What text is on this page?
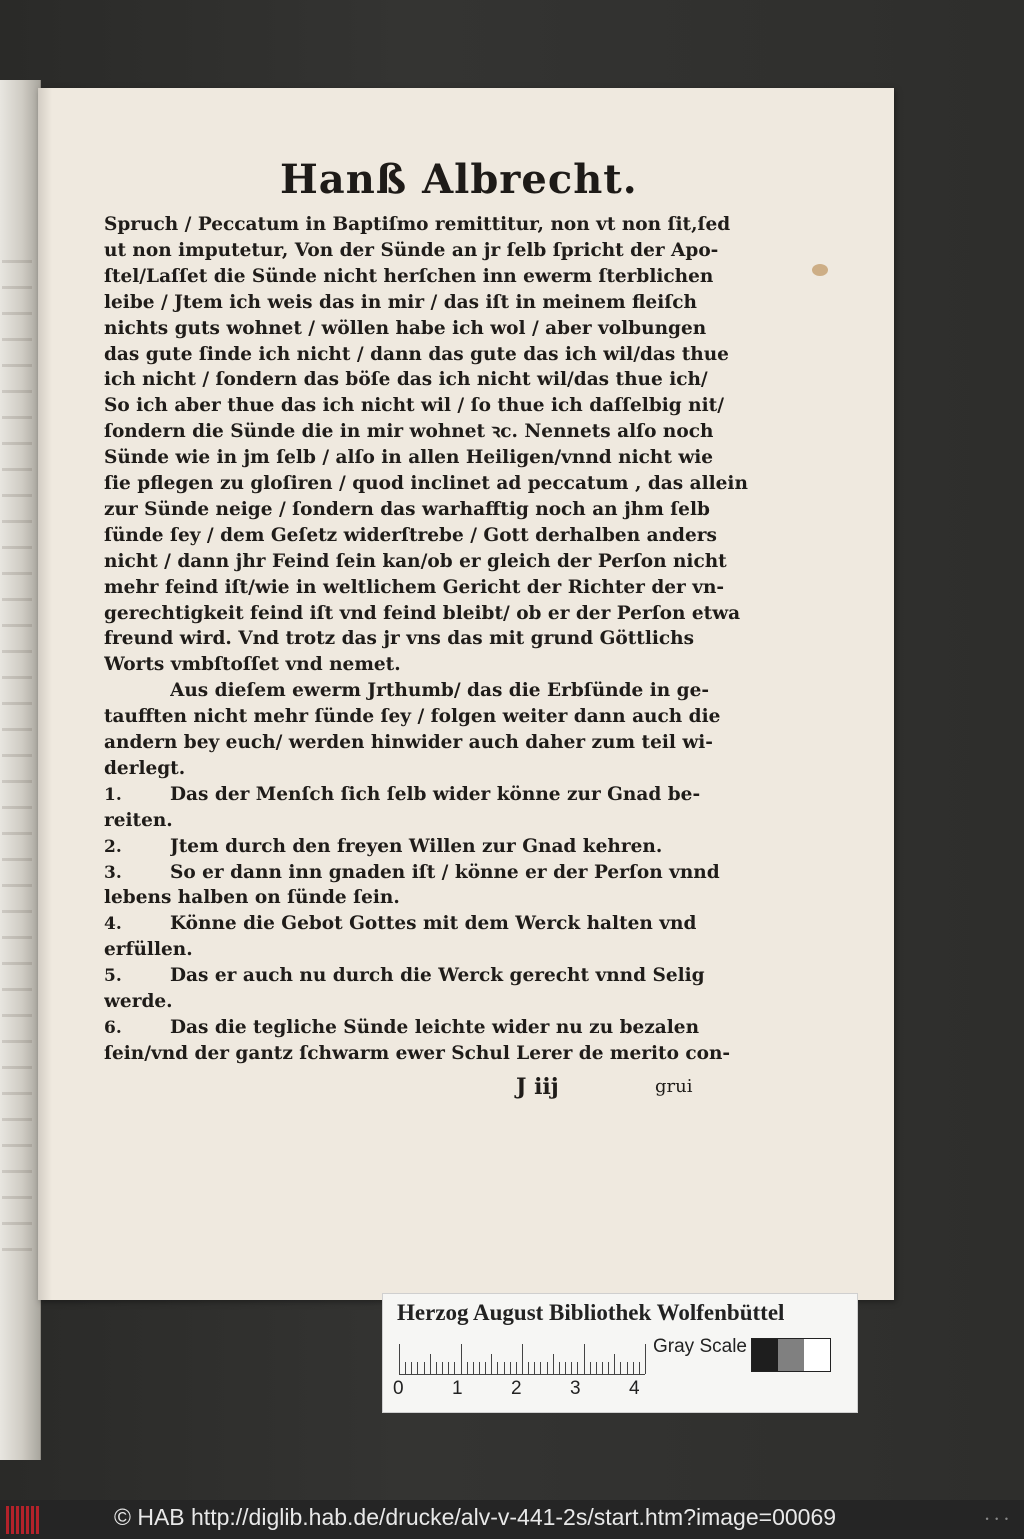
Hanß Albrecht.
Spruch / Peccatum in Baptiſmo remittitur, non vt non ſit,ſed
ut non imputetur, Von der Sünde an jr ſelb ſpricht der Apo-
ſtel/Laſſet die Sünde nicht herſchen inn ewerm ſterblichen
leibe / Jtem ich weis das in mir / das iſt in meinem fleiſch
nichts guts wohnet / wöllen habe ich wol / aber volbungen
das gute ſinde ich nicht / dann das gute das ich wil/das thue
ich nicht / ſondern das böſe das ich nicht wil/das thue ich/
So ich aber thue das ich nicht wil / ſo thue ich daſſelbig nit/
ſondern die Sünde die in mir wohnet ꝛc. Nennets alſo noch
Sünde wie in jm ſelb / alſo in allen Heiligen/vnnd nicht wie
ſie pflegen zu gloſiren / quod inclinet ad peccatum , das allein
zur Sünde neige / ſondern das warhafftig noch an jhm ſelb
ſünde ſey / dem Geſetz widerſtrebe / Gott derhalben anders
nicht / dann jhr Feind ſein kan/ob er gleich der Perſon nicht
mehr feind iſt/wie in weltlichem Gericht der Richter der vn-
gerechtigkeit feind iſt vnd feind bleibt/ ob er der Perſon etwa
freund wird. Vnd trotz das jr vns das mit grund Göttlichs
Worts vmbſtoſſet vnd nemet.
Aus dieſem ewerm Jrthumb/ das die Erbſünde in ge-
taufften nicht mehr ſünde ſey / folgen weiter dann auch die
andern bey euch/ werden hinwider auch daher zum teil wi-
derlegt.
1.	Das der Menſch ſich ſelb wider könne zur Gnad be-
reiten.
2.	Jtem durch den freyen Willen zur Gnad kehren.
3.	So er dann inn gnaden iſt / könne er der Perſon vnnd
lebens halben on ſünde ſein.
4.	Könne die Gebot Gottes mit dem Werck halten vnd
erfüllen.
5.	Das er auch nu durch die Werck gerecht vnnd Selig
werde.
6.	Das die tegliche Sünde leichte wider nu zu bezalen
ſein/vnd der gantz ſchwarm ewer Schul Lerer de merito con-
J iij	grui
Herzog August Bibliothek Wolfenbüttel
0	1	2	3	4
Gray Scale
© HAB http://diglib.hab.de/drucke/alv-v-441-2s/start.htm?image=00069	• • •
